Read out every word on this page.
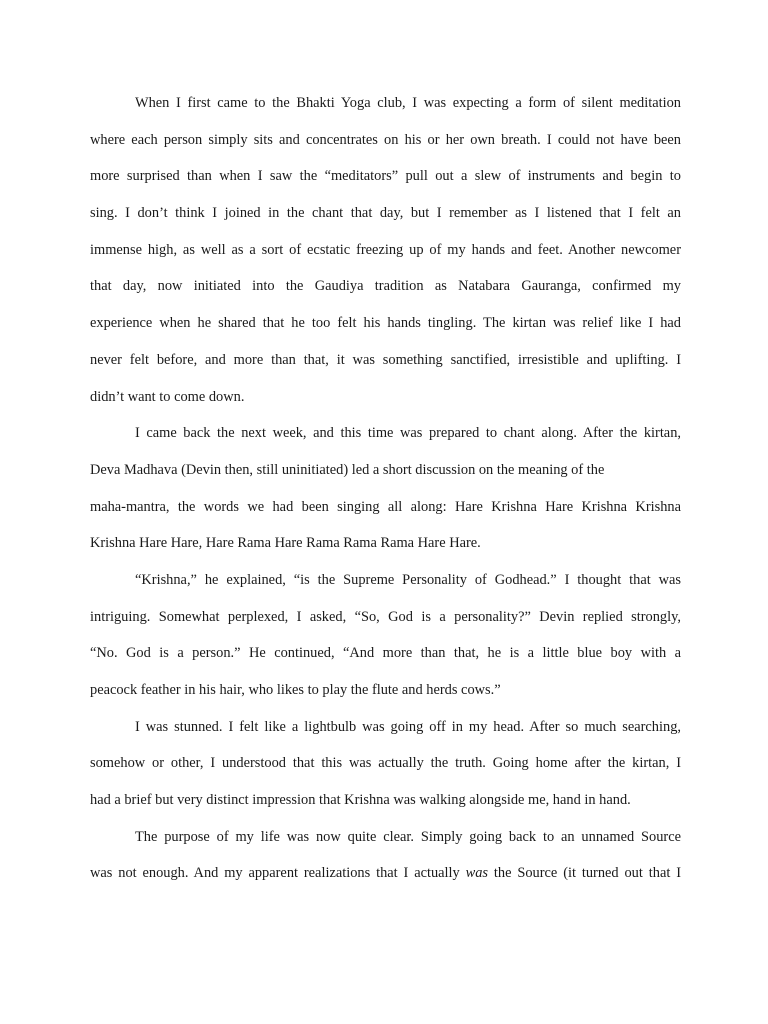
When I first came to the Bhakti Yoga club, I was expecting a form of silent meditation
where each person simply sits and concentrates on his or her own breath. I could not have been
more surprised than when I saw the “meditators” pull out a slew of instruments and begin to
sing. I don’t think I joined in the chant that day, but I remember as I listened that I felt an
immense high, as well as a sort of ecstatic freezing up of my hands and feet. Another newcomer
that day, now initiated into the Gaudiya tradition as Natabara Gauranga, confirmed my
experience when he shared that he too felt his hands tingling. The kirtan was relief like I had
never felt before, and more than that, it was something sanctified, irresistible and uplifting. I
didn’t want to come down.
I came back the next week, and this time was prepared to chant along. After the kirtan,
Deva Madhava (Devin then, still uninitiated) led a short discussion on the meaning of the
maha-mantra, the words we had been singing all along: Hare Krishna Hare Krishna Krishna
Krishna Hare Hare, Hare Rama Hare Rama Rama Rama Hare Hare.
“Krishna,” he explained, “is the Supreme Personality of Godhead.” I thought that was
intriguing. Somewhat perplexed, I asked, “So, God is a personality?” Devin replied strongly,
“No. God is a person.” He continued, “And more than that, he is a little blue boy with a
peacock feather in his hair, who likes to play the flute and herds cows.”
I was stunned. I felt like a lightbulb was going off in my head. After so much searching,
somehow or other, I understood that this was actually the truth. Going home after the kirtan, I
had a brief but very distinct impression that Krishna was walking alongside me, hand in hand.
The purpose of my life was now quite clear. Simply going back to an unnamed Source
was not enough. And my apparent realizations that I actually was the Source (it turned out that I
